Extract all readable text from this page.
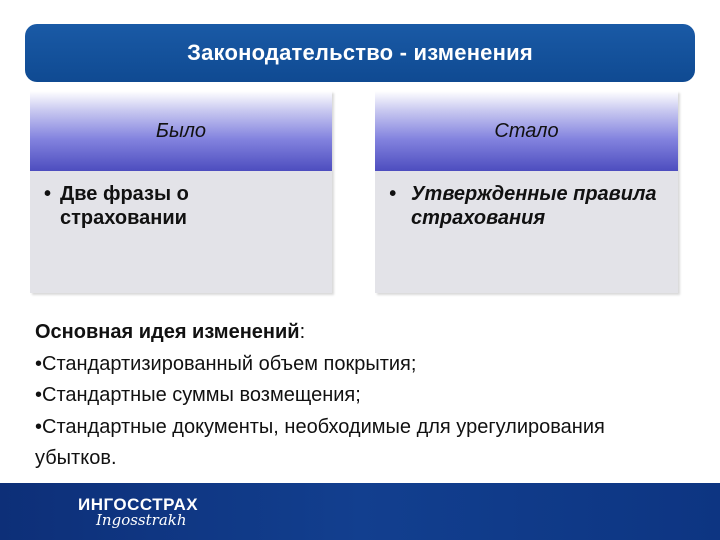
Законодательство - изменения
Было
• Две фразы о страховании
Стало
• Утвержденные правила страхования
Основная идея изменений:
•Стандартизированный объем покрытия;
•Стандартные суммы возмещения;
•Стандартные документы, необходимые для урегулирования убытков.
ИНГОССТРАХ
Ingosstrakh
